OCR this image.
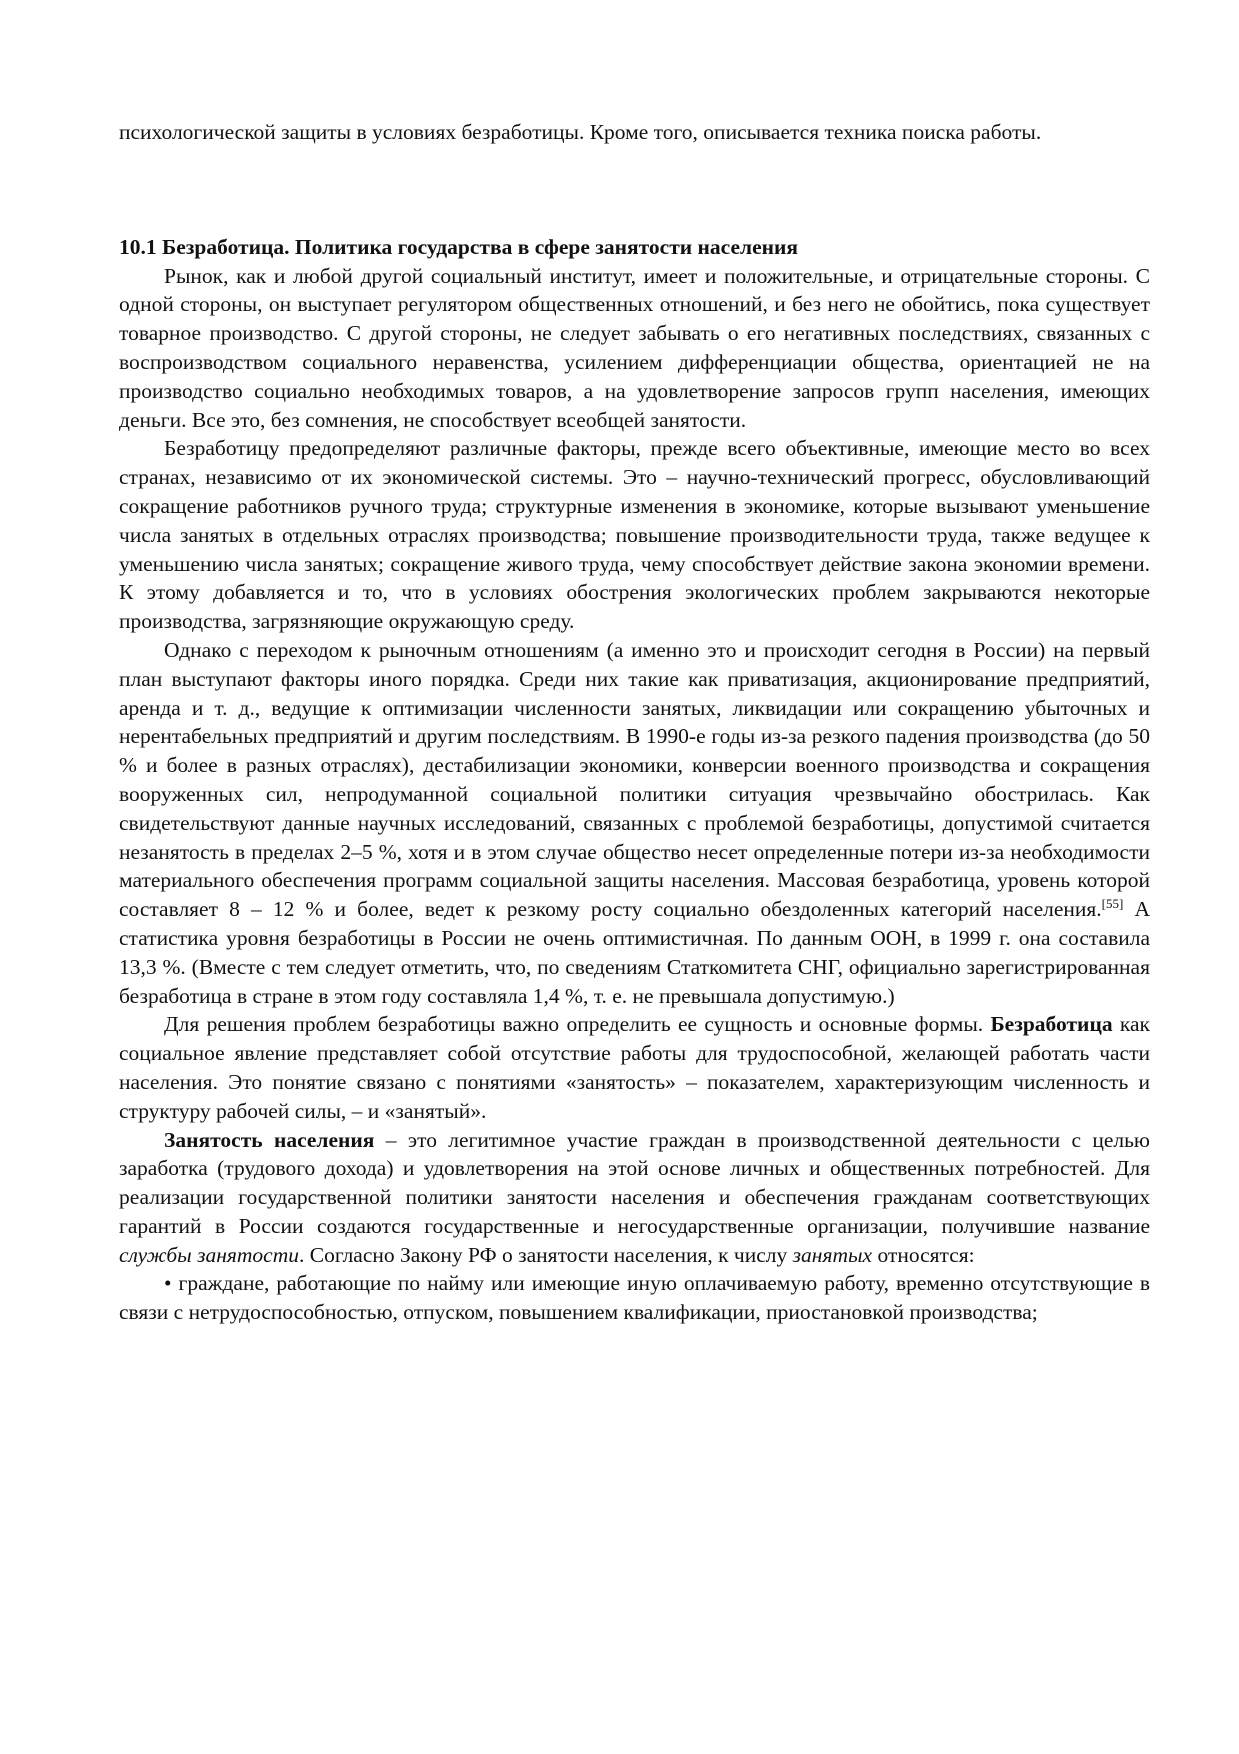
психологической защиты в условиях безработицы. Кроме того, описывается техника поиска работы.

10.1 Безработица. Политика государства в сфере занятости населения

Рынок, как и любой другой социальный институт, имеет и положительные, и отрицательные стороны. С одной стороны, он выступает регулятором общественных отношений, и без него не обойтись, пока существует товарное производство. С другой стороны, не следует забывать о его негативных последствиях, связанных с воспроизводством социального неравенства, усилением дифференциации общества, ориентацией не на производство социально необходимых товаров, а на удовлетворение запросов групп населения, имеющих деньги. Все это, без сомнения, не способствует всеобщей занятости.

Безработицу предопределяют различные факторы, прежде всего объективные, имеющие место во всех странах, независимо от их экономической системы. Это – научно-технический прогресс, обусловливающий сокращение работников ручного труда; структурные изменения в экономике, которые вызывают уменьшение числа занятых в отдельных отраслях производства; повышение производительности труда, также ведущее к уменьшению числа занятых; сокращение живого труда, чему способствует действие закона экономии времени. К этому добавляется и то, что в условиях обострения экологических проблем закрываются некоторые производства, загрязняющие окружающую среду.

Однако с переходом к рыночным отношениям (а именно это и происходит сегодня в России) на первый план выступают факторы иного порядка. Среди них такие как приватизация, акционирование предприятий, аренда и т. д., ведущие к оптимизации численности занятых, ликвидации или сокращению убыточных и нерентабельных предприятий и другим последствиям. В 1990-е годы из-за резкого падения производства (до 50 % и более в разных отраслях), дестабилизации экономики, конверсии военного производства и сокращения вооруженных сил, непродуманной социальной политики ситуация чрезвычайно обострилась. Как свидетельствуют данные научных исследований, связанных с проблемой безработицы, допустимой считается незанятость в пределах 2–5 %, хотя и в этом случае общество несет определенные потери из-за необходимости материального обеспечения программ социальной защиты населения. Массовая безработица, уровень которой составляет 8 – 12 % и более, ведет к резкому росту социально обездоленных категорий населения.[55] А статистика уровня безработицы в России не очень оптимистичная. По данным ООН, в 1999 г. она составила 13,3 %. (Вместе с тем следует отметить, что, по сведениям Статкомитета СНГ, официально зарегистрированная безработица в стране в этом году составляла 1,4 %, т. е. не превышала допустимую.)

Для решения проблем безработицы важно определить ее сущность и основные формы. Безработица как социальное явление представляет собой отсутствие работы для трудоспособной, желающей работать части населения. Это понятие связано с понятиями «занятость» – показателем, характеризующим численность и структуру рабочей силы, – и «занятый».

Занятость населения – это легитимное участие граждан в производственной деятельности с целью заработка (трудового дохода) и удовлетворения на этой основе личных и общественных потребностей. Для реализации государственной политики занятости населения и обеспечения гражданам соответствующих гарантий в России создаются государственные и негосударственные организации, получившие название службы занятости. Согласно Закону РФ о занятости населения, к числу занятых относятся:

• граждане, работающие по найму или имеющие иную оплачиваемую работу, временно отсутствующие в связи с нетрудоспособностью, отпуском, повышением квалификации, приостановкой производства;
